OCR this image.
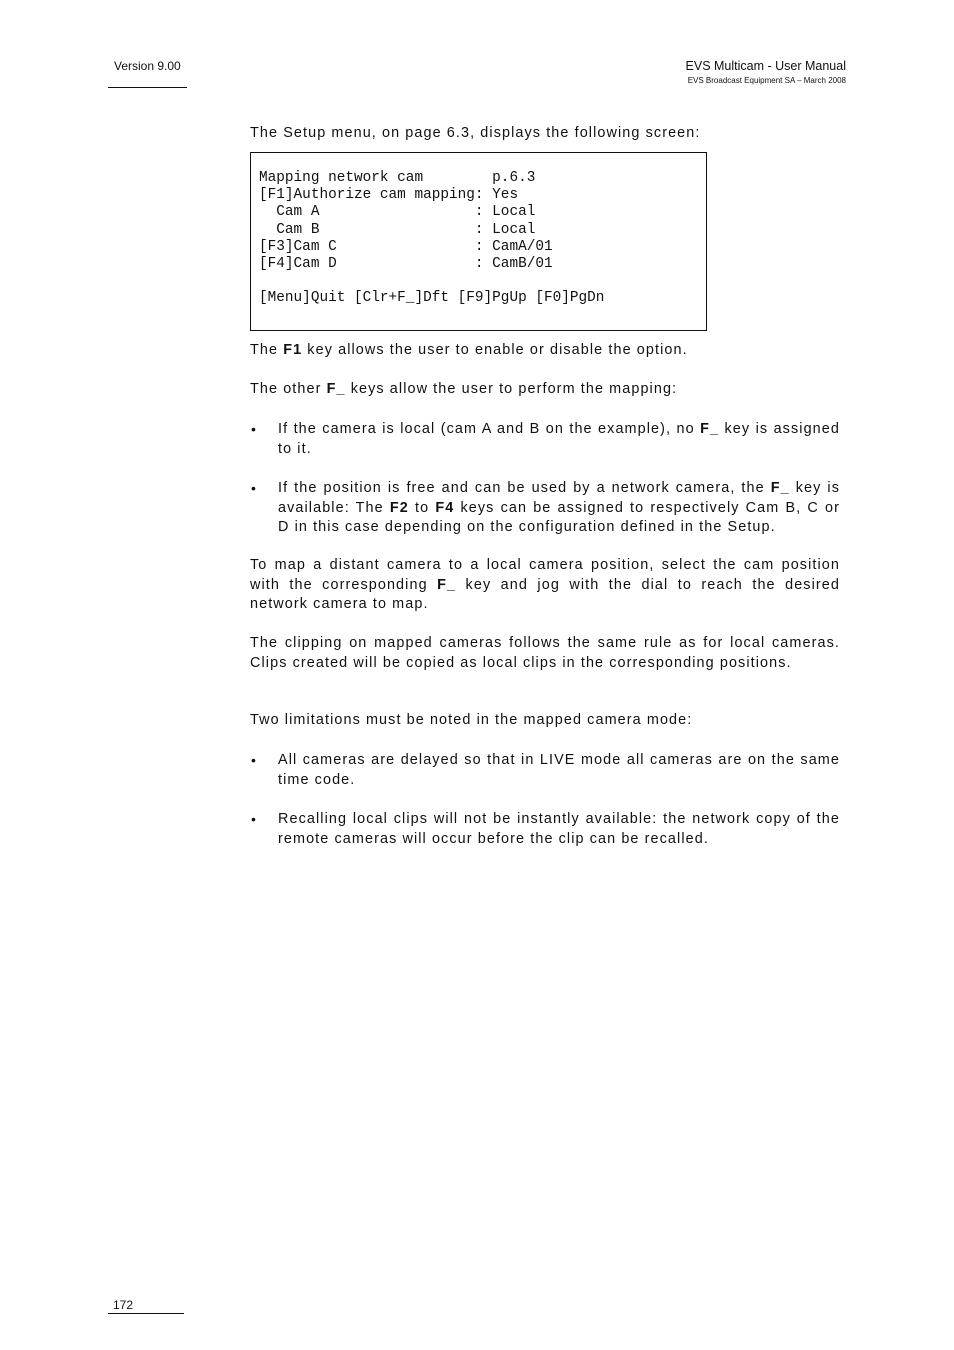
Version 9.00	EVS Multicam - User Manual
EVS Broadcast Equipment SA – March 2008
The Setup menu, on page 6.3, displays the following screen:
Mapping network cam        p.6.3
[F1]Authorize cam mapping: Yes
Cam A                  : Local
Cam B                  : Local
[F3]Cam C                : CamA/01
[F4]Cam D                : CamB/01

[Menu]Quit [Clr+F_]Dft [F9]PgUp [F0]PgDn
The F1 key allows the user to enable or disable the option.
The other F_ keys allow the user to perform the mapping:
• If the camera is local (cam A and B on the example), no F_ key is assigned to it.
• If the position is free and can be used by a network camera, the F_ key is available: The F2 to F4 keys can be assigned to respectively Cam B, C or D in this case depending on the configuration defined in the Setup.
To map a distant camera to a local camera position, select the cam position with the corresponding F_ key and jog with the dial to reach the desired network camera to map.
The clipping on mapped cameras follows the same rule as for local cameras. Clips created will be copied as local clips in the corresponding positions.
Two limitations must be noted in the mapped camera mode:
• All cameras are delayed so that in LIVE mode all cameras are on the same time code.
• Recalling local clips will not be instantly available: the network copy of the remote cameras will occur before the clip can be recalled.
172
